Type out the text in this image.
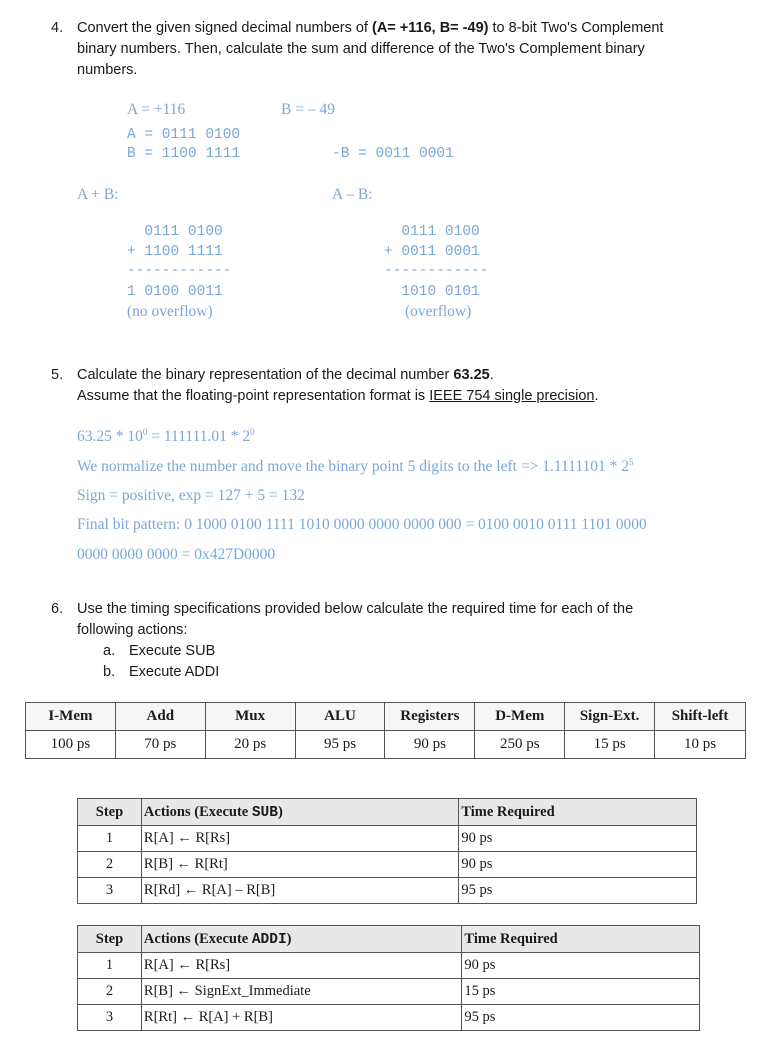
4. Convert the given signed decimal numbers of (A= +116, B= -49) to 8-bit Two's Complement
binary numbers. Then, calculate the sum and difference of the Two's Complement binary
numbers.
A = +116	B = – 49
A = 0111 0100
B = 1100 1111	-B = 0011 0001
A + B:	A – B:
0111 0100
+ 1100 1111
------------
1 0100 0011
(no overflow)
0111 0100
+ 0011 0001
------------
1010 0101
(overflow)
5. Calculate the binary representation of the decimal number 63.25.
Assume that the floating-point representation format is IEEE 754 single precision.
$63.25 * 10^0 = 111111.01 * 2^0$
We normalize the number and move the binary point 5 digits to the left => $1.1111101 * 2^5$
Sign = positive, exp = 127 + 5 = 132
Final bit pattern: 0 1000 0100 1111 1010 0000 0000 0000 000 = 0100 0010 0111 1101 0000
0000 0000 0000 = 0x427D0000
6. Use the timing specifications provided below calculate the required time for each of the
following actions:
a. Execute SUB
b. Execute ADDI
I-Mem	Add	Mux	ALU	Registers	D-Mem	Sign-Ext.	Shift-left
100 ps	70 ps	20 ps	95 ps	90 ps	250 ps	15 ps	10 ps
Step	Actions (Execute SUB)	Time Required
1	R[A] ← R[Rs]	90 ps
2	R[B] ← R[Rt]	90 ps
3	R[Rd] ← R[A] – R[B]	95 ps
Step	Actions (Execute ADDI)	Time Required
1	R[A] ← R[Rs]	90 ps
2	R[B] ← SignExt_Immediate	15 ps
3	R[Rt] ← R[A] + R[B]	95 ps
